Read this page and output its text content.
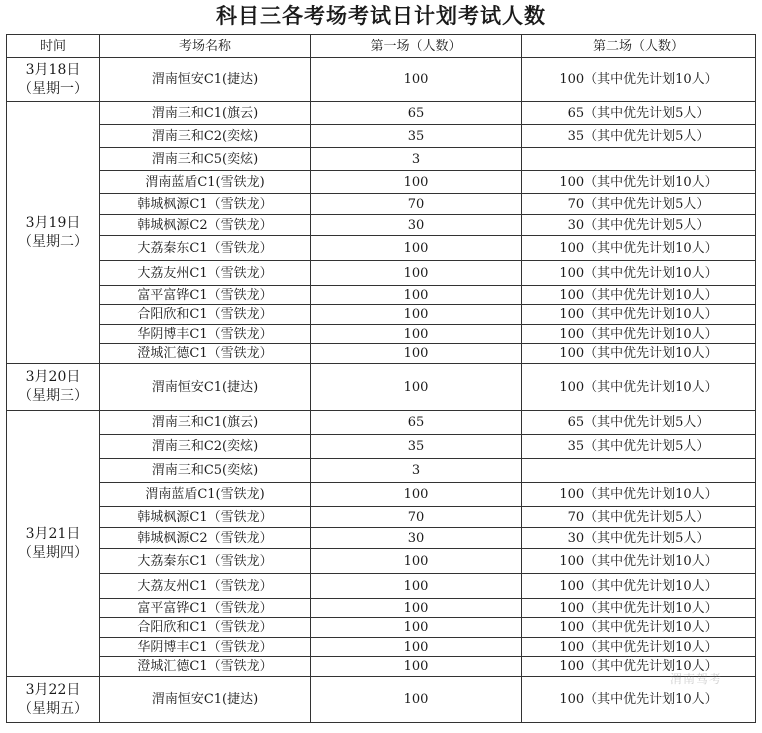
科目三各考场考试日计划考试人数
时间	考场名称	第一场（人数）	第二场（人数）

3月18日
（星期一）	渭南恒安C1(捷达)	100	100（其中优先计划10人）

3月19日
（星期二）	渭南三和C1(旗云)	65	65（其中优先计划5人）
	渭南三和C2(奕炫)	35	35（其中优先计划5人）
	渭南三和C5(奕炫)	3	
	渭南蓝盾C1(雪铁龙)	100	100（其中优先计划10人）
	韩城枫源C1（雪铁龙）	70	70（其中优先计划5人）
	韩城枫源C2（雪铁龙）	30	30（其中优先计划5人）
	大荔秦东C1（雪铁龙）	100	100（其中优先计划10人）
	大荔友州C1（雪铁龙）	100	100（其中优先计划10人）
	富平富铧C1（雪铁龙）	100	100（其中优先计划10人）
	合阳欣和C1（雪铁龙）	100	100（其中优先计划10人）
	华阴博丰C1（雪铁龙）	100	100（其中优先计划10人）
	澄城汇德C1（雪铁龙）	100	100（其中优先计划10人）

3月20日
（星期三）	渭南恒安C1(捷达)	100	100（其中优先计划10人）

3月21日
（星期四）	渭南三和C1(旗云)	65	65（其中优先计划5人）
	渭南三和C2(奕炫)	35	35（其中优先计划5人）
	渭南三和C5(奕炫)	3	
	渭南蓝盾C1(雪铁龙)	100	100（其中优先计划10人）
	韩城枫源C1（雪铁龙）	70	70（其中优先计划5人）
	韩城枫源C2（雪铁龙）	30	30（其中优先计划5人）
	大荔秦东C1（雪铁龙）	100	100（其中优先计划10人）
	大荔友州C1（雪铁龙）	100	100（其中优先计划10人）
	富平富铧C1（雪铁龙）	100	100（其中优先计划10人）
	合阳欣和C1（雪铁龙）	100	100（其中优先计划10人）
	华阴博丰C1（雪铁龙）	100	100（其中优先计划10人）
	澄城汇德C1（雪铁龙）	100	100（其中优先计划10人）

3月22日
（星期五）	渭南恒安C1(捷达)	100	100（其中优先计划10人）
渭南驾考
